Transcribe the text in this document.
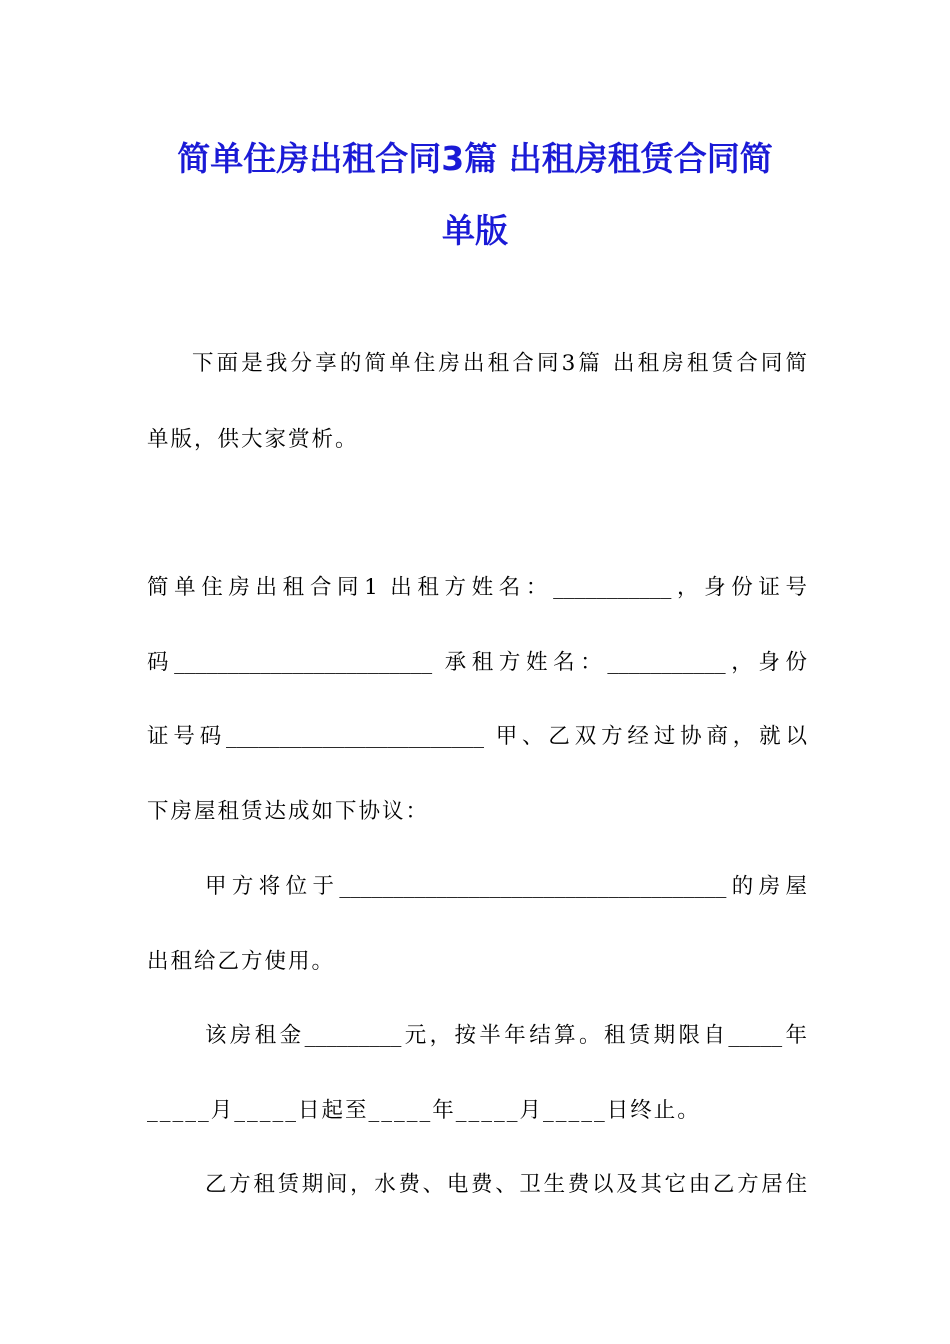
简单住房出租合同3篇 出租房租赁合同简
单版
下面是我分享的简单住房出租合同3篇 出租房租赁合同简
单版，供大家赏析。
简单住房出租合同1 出租方姓名：___________，身份证号
码________________________ 承租方姓名：___________，身份
证号码________________________ 甲、乙双方经过协商，就以
下房屋租赁达成如下协议：
甲方将位于____________________________________的房屋
出租给乙方使用。
该房租金_________元，按半年结算。租赁期限自_____年
_____月_____日起至_____年_____月_____日终止。
乙方租赁期间，水费、电费、卫生费以及其它由乙方居住
